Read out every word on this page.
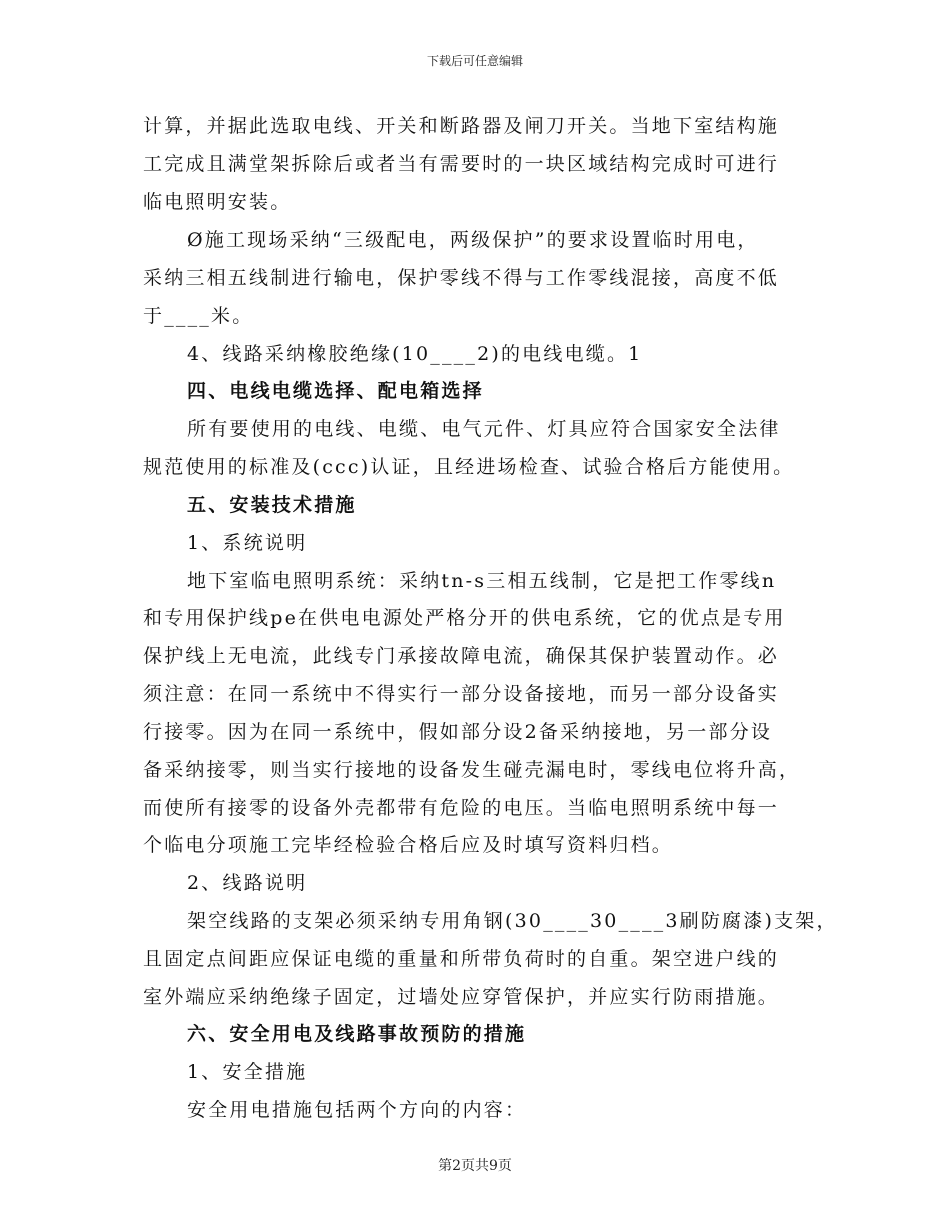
下载后可任意编辑
计算，并据此选取电线、开关和断路器及闸刀开关。当地下室结构施
工完成且满堂架拆除后或者当有需要时的一块区域结构完成时可进行
临电照明安装。
Ø施工现场采纳“三级配电，两级保护”的要求设置临时用电，
采纳三相五线制进行输电，保护零线不得与工作零线混接，高度不低
于____米。
4、线路采纳橡胶绝缘(10____2)的电线电缆。1
四、电线电缆选择、配电箱选择
所有要使用的电线、电缆、电气元件、灯具应符合国家安全法律
规范使用的标准及(ccc)认证，且经进场检查、试验合格后方能使用。
五、安装技术措施
1、系统说明
地下室临电照明系统：采纳tn-s三相五线制，它是把工作零线n
和专用保护线pe在供电电源处严格分开的供电系统，它的优点是专用
保护线上无电流，此线专门承接故障电流，确保其保护装置动作。必
须注意：在同一系统中不得实行一部分设备接地，而另一部分设备实
行接零。因为在同一系统中，假如部分设2备采纳接地，另一部分设
备采纳接零，则当实行接地的设备发生碰壳漏电时，零线电位将升高，
而使所有接零的设备外壳都带有危险的电压。当临电照明系统中每一
个临电分项施工完毕经检验合格后应及时填写资料归档。
2、线路说明
架空线路的支架必须采纳专用角钢(30____30____3刷防腐漆)支架，
且固定点间距应保证电缆的重量和所带负荷时的自重。架空进户线的
室外端应采纳绝缘子固定，过墙处应穿管保护，并应实行防雨措施。
六、安全用电及线路事故预防的措施
1、安全措施
安全用电措施包括两个方向的内容：
第2页共9页
